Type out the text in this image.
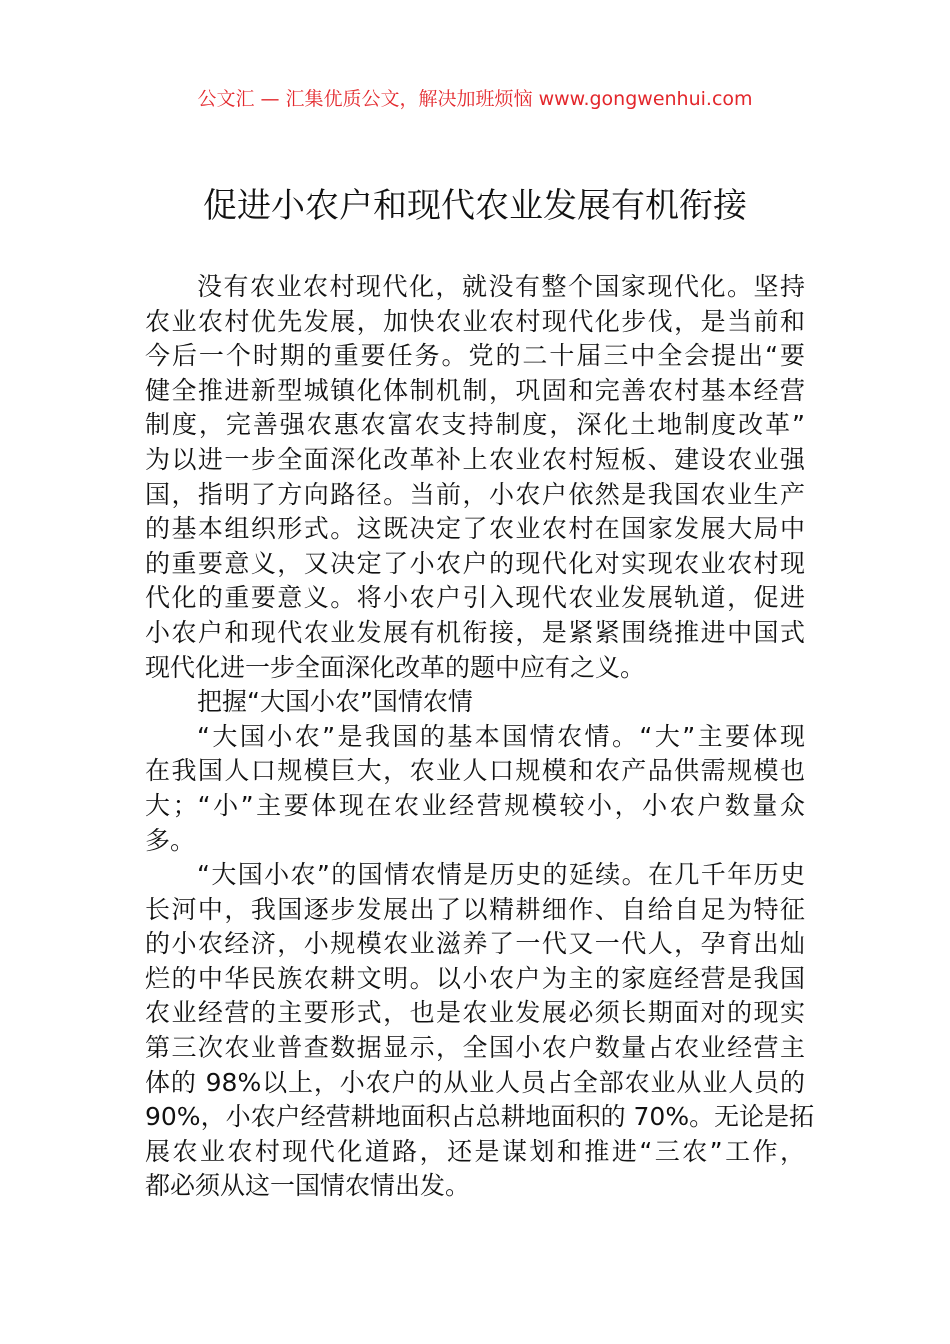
公文汇 — 汇集优质公文，解决加班烦恼 www.gongwenhui.com
促进小农户和现代农业发展有机衔接
没有农业农村现代化，就没有整个国家现代化。坚持
农业农村优先发展，加快农业农村现代化步伐，是当前和
今后一个时期的重要任务。党的二十届三中全会提出“要
健全推进新型城镇化体制机制，巩固和完善农村基本经营
制度，完善强农惠农富农支持制度，深化土地制度改革”
为以进一步全面深化改革补上农业农村短板、建设农业强
国，指明了方向路径。当前，小农户依然是我国农业生产
的基本组织形式。这既决定了农业农村在国家发展大局中
的重要意义，又决定了小农户的现代化对实现农业农村现
代化的重要意义。将小农户引入现代农业发展轨道，促进
小农户和现代农业发展有机衔接，是紧紧围绕推进中国式
现代化进一步全面深化改革的题中应有之义。
把握“大国小农”国情农情
“大国小农”是我国的基本国情农情。“大”主要体现
在我国人口规模巨大，农业人口规模和农产品供需规模也
大；“小”主要体现在农业经营规模较小，小农户数量众
多。
“大国小农”的国情农情是历史的延续。在几千年历史
长河中，我国逐步发展出了以精耕细作、自给自足为特征
的小农经济，小规模农业滋养了一代又一代人，孕育出灿
烂的中华民族农耕文明。以小农户为主的家庭经营是我国
农业经营的主要形式，也是农业发展必须长期面对的现实
第三次农业普查数据显示，全国小农户数量占农业经营主
体的 98%以上，小农户的从业人员占全部农业从业人员的
90%，小农户经营耕地面积占总耕地面积的 70%。无论是拓
展农业农村现代化道路，还是谋划和推进“三农”工作，
都必须从这一国情农情出发。
